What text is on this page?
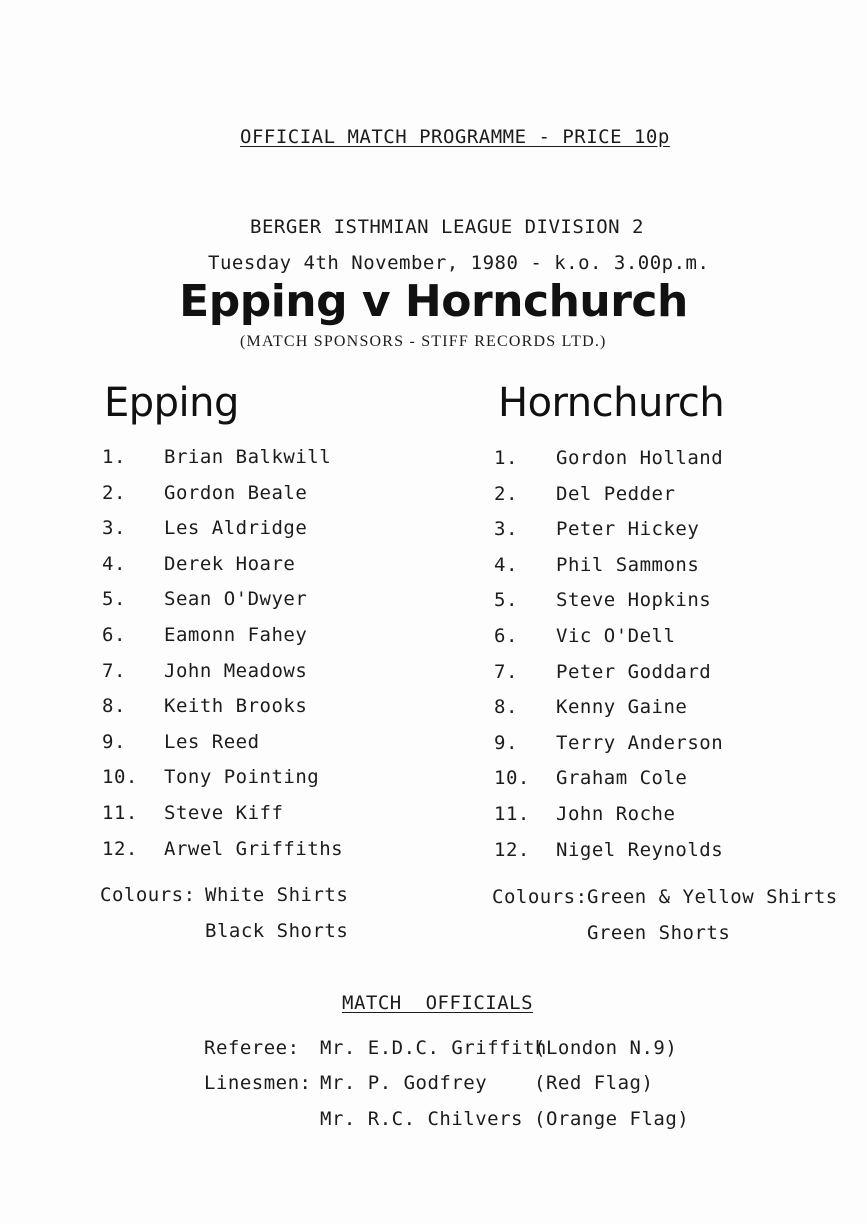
OFFICIAL MATCH PROGRAMME - PRICE 10p
BERGER ISTHMIAN LEAGUE DIVISION 2
Tuesday 4th November, 1980 - k.o. 3.00p.m.
Epping v Hornchurch
(MATCH SPONSORS - STIFF RECORDS LTD.)
Epping
1. Brian Balkwill
2. Gordon Beale
3. Les Aldridge
4. Derek Hoare
5. Sean O'Dwyer
6. Eamonn Fahey
7. John Meadows
8. Keith Brooks
9. Les Reed
10. Tony Pointing
11. Steve Kiff
12. Arwel Griffiths
Colours: White Shirts
Black Shorts
Hornchurch
1. Gordon Holland
2. Del Pedder
3. Peter Hickey
4. Phil Sammons
5. Steve Hopkins
6. Vic O'Dell
7. Peter Goddard
8. Kenny Gaine
9. Terry Anderson
10. Graham Cole
11. John Roche
12. Nigel Reynolds
Colours: Green & Yellow Shirts
Green Shorts
MATCH  OFFICIALS
Referee: Mr. E.D.C. Griffith
(London N.9)
Linesmen: Mr. P. Godfrey (Red Flag)
Mr. R.C. Chilvers (Orange Flag)
